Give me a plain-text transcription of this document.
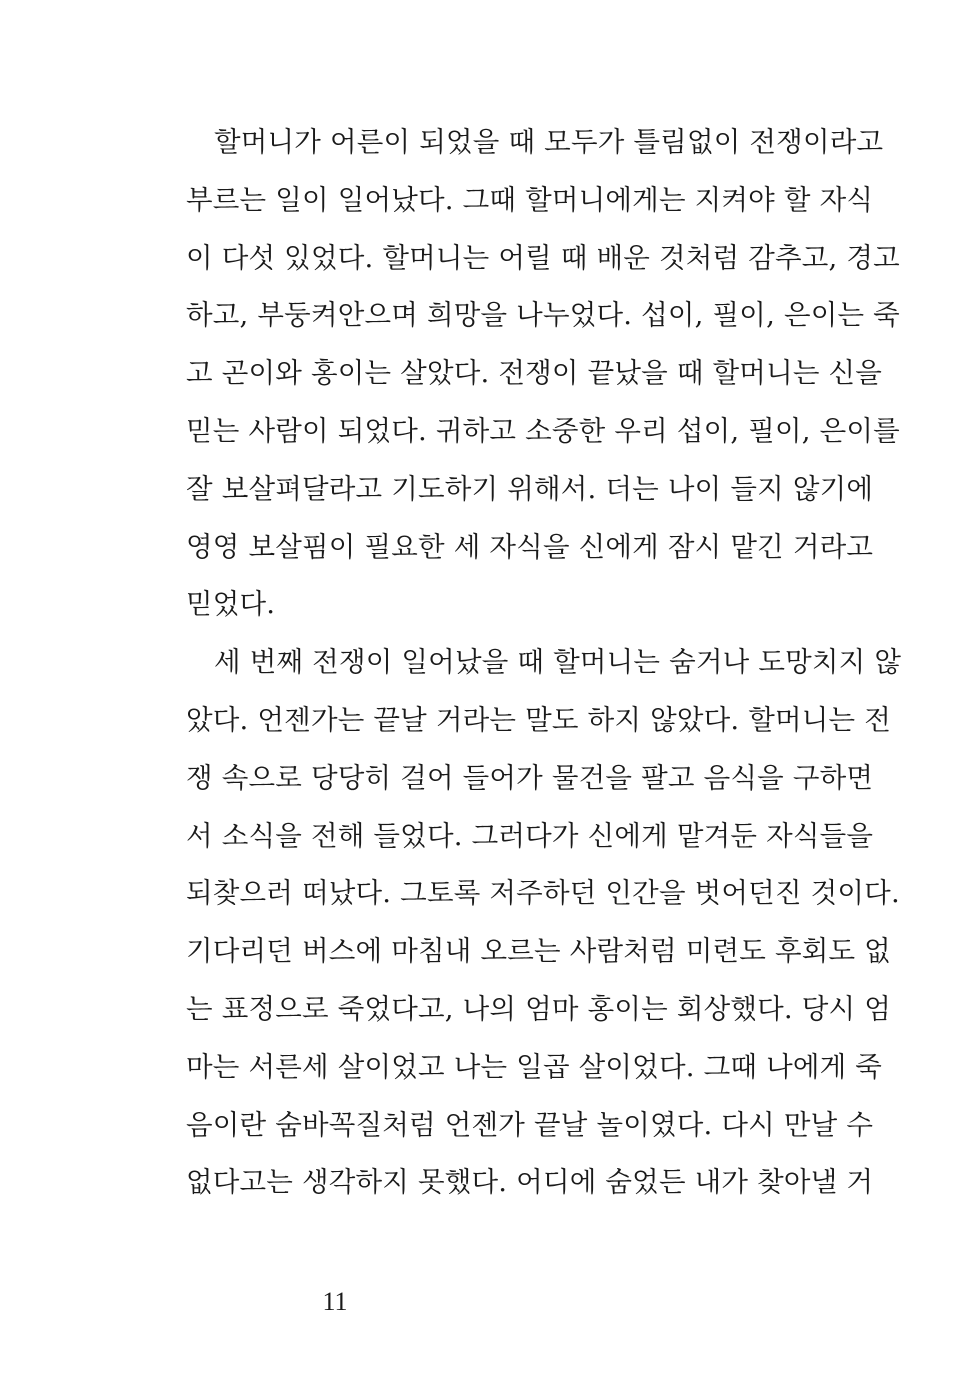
할머니가 어른이 되었을 때 모두가 틀림없이 전쟁이라고
부르는 일이 일어났다. 그때 할머니에게는 지켜야 할 자식
이 다섯 있었다. 할머니는 어릴 때 배운 것처럼 감추고, 경고
하고, 부둥켜안으며 희망을 나누었다. 섭이, 필이, 은이는 죽
고 곤이와 홍이는 살았다. 전쟁이 끝났을 때 할머니는 신을
믿는 사람이 되었다. 귀하고 소중한 우리 섭이, 필이, 은이를
잘 보살펴달라고 기도하기 위해서. 더는 나이 들지 않기에
영영 보살핌이 필요한 세 자식을 신에게 잠시 맡긴 거라고
믿었다.
세 번째 전쟁이 일어났을 때 할머니는 숨거나 도망치지 않
았다. 언젠가는 끝날 거라는 말도 하지 않았다. 할머니는 전
쟁 속으로 당당히 걸어 들어가 물건을 팔고 음식을 구하면
서 소식을 전해 들었다. 그러다가 신에게 맡겨둔 자식들을
되찾으러 떠났다. 그토록 저주하던 인간을 벗어던진 것이다.
기다리던 버스에 마침내 오르는 사람처럼 미련도 후회도 없
는 표정으로 죽었다고, 나의 엄마 홍이는 회상했다. 당시 엄
마는 서른세 살이었고 나는 일곱 살이었다. 그때 나에게 죽
음이란 숨바꼭질처럼 언젠가 끝날 놀이였다. 다시 만날 수
없다고는 생각하지 못했다. 어디에 숨었든 내가 찾아낼 거
11
